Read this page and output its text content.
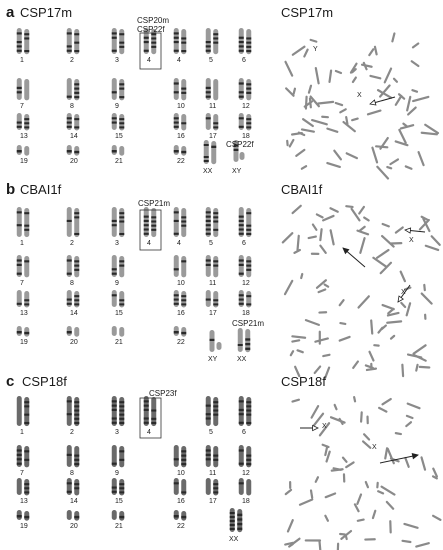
Y
X
X
X
X
X
a CSP17m	CSP17m
CSP20m
CSP22f
CSP22f
b CBAI1f	CBAI1f
CSP21m
CSP21m
c CSP18f	CSP18f
CSP23f
1	2	3	4	4	5	6
7	8	9	10	11	12
13	14	15	16	17	18
19	20	21	22
1	2	3	4	4	5	6
7	8	9	10	11	12
13	14	15	16	17	18
19	20	21	22
1	2	3	4	5	6
7	8	9	10	11	12
13	14	15	16	17	18
19	20	21	22
XX	XY
XY	XX
XX
